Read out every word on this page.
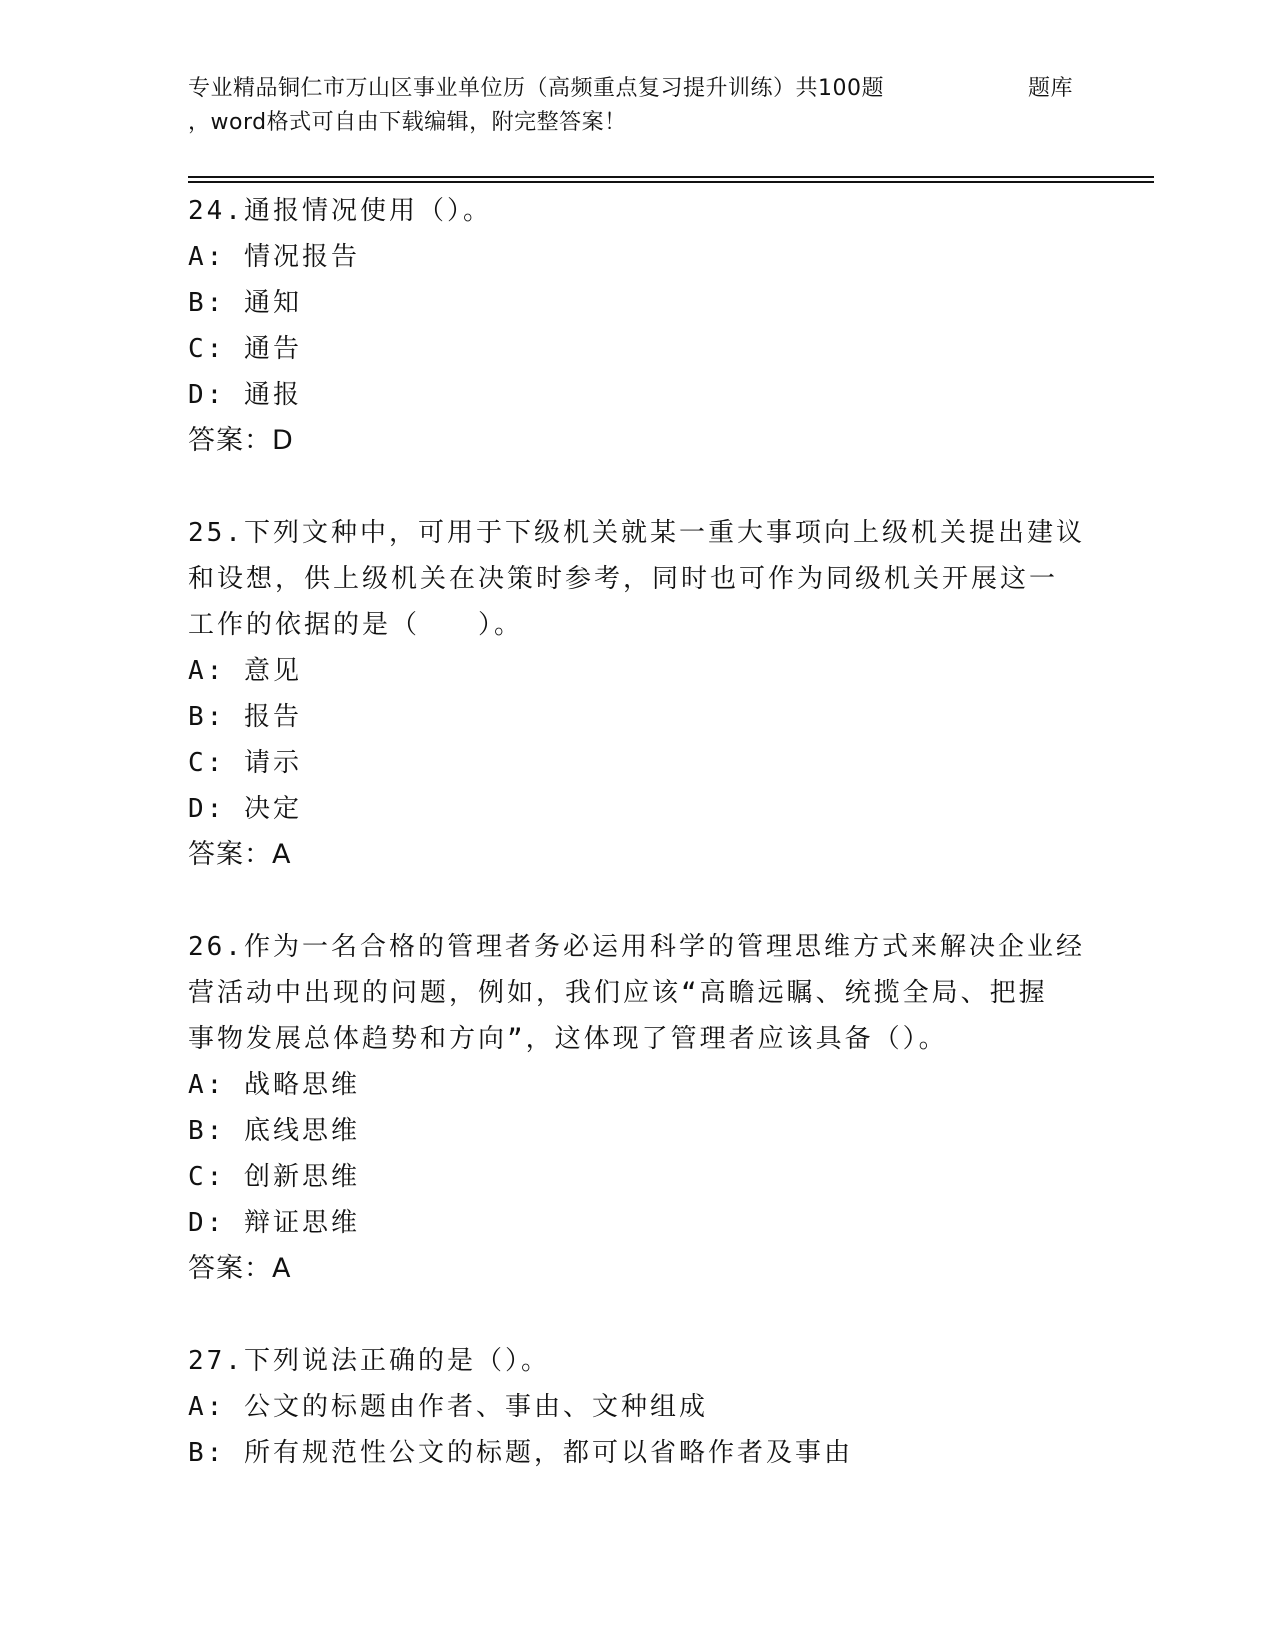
专业精品铜仁市万山区事业单位历（高频重点复习提升训练）共100题	题库
，word格式可自由下载编辑，附完整答案！

24.通报情况使用（）。

A: 情况报告

B: 通知

C: 通告

D: 通报

答案：D

25.下列文种中，可用于下级机关就某一重大事项向上级机关提出建议

和设想，供上级机关在决策时参考，同时也可作为同级机关开展这一

工作的依据的是（　　）。

A: 意见

B: 报告

C: 请示

D: 决定

答案：A

26.作为一名合格的管理者务必运用科学的管理思维方式来解决企业经

营活动中出现的问题，例如，我们应该“高瞻远瞩、统揽全局、把握

事物发展总体趋势和方向”，这体现了管理者应该具备（）。

A: 战略思维

B: 底线思维

C: 创新思维

D: 辩证思维

答案：A

27.下列说法正确的是（）。

A: 公文的标题由作者、事由、文种组成

B: 所有规范性公文的标题，都可以省略作者及事由
